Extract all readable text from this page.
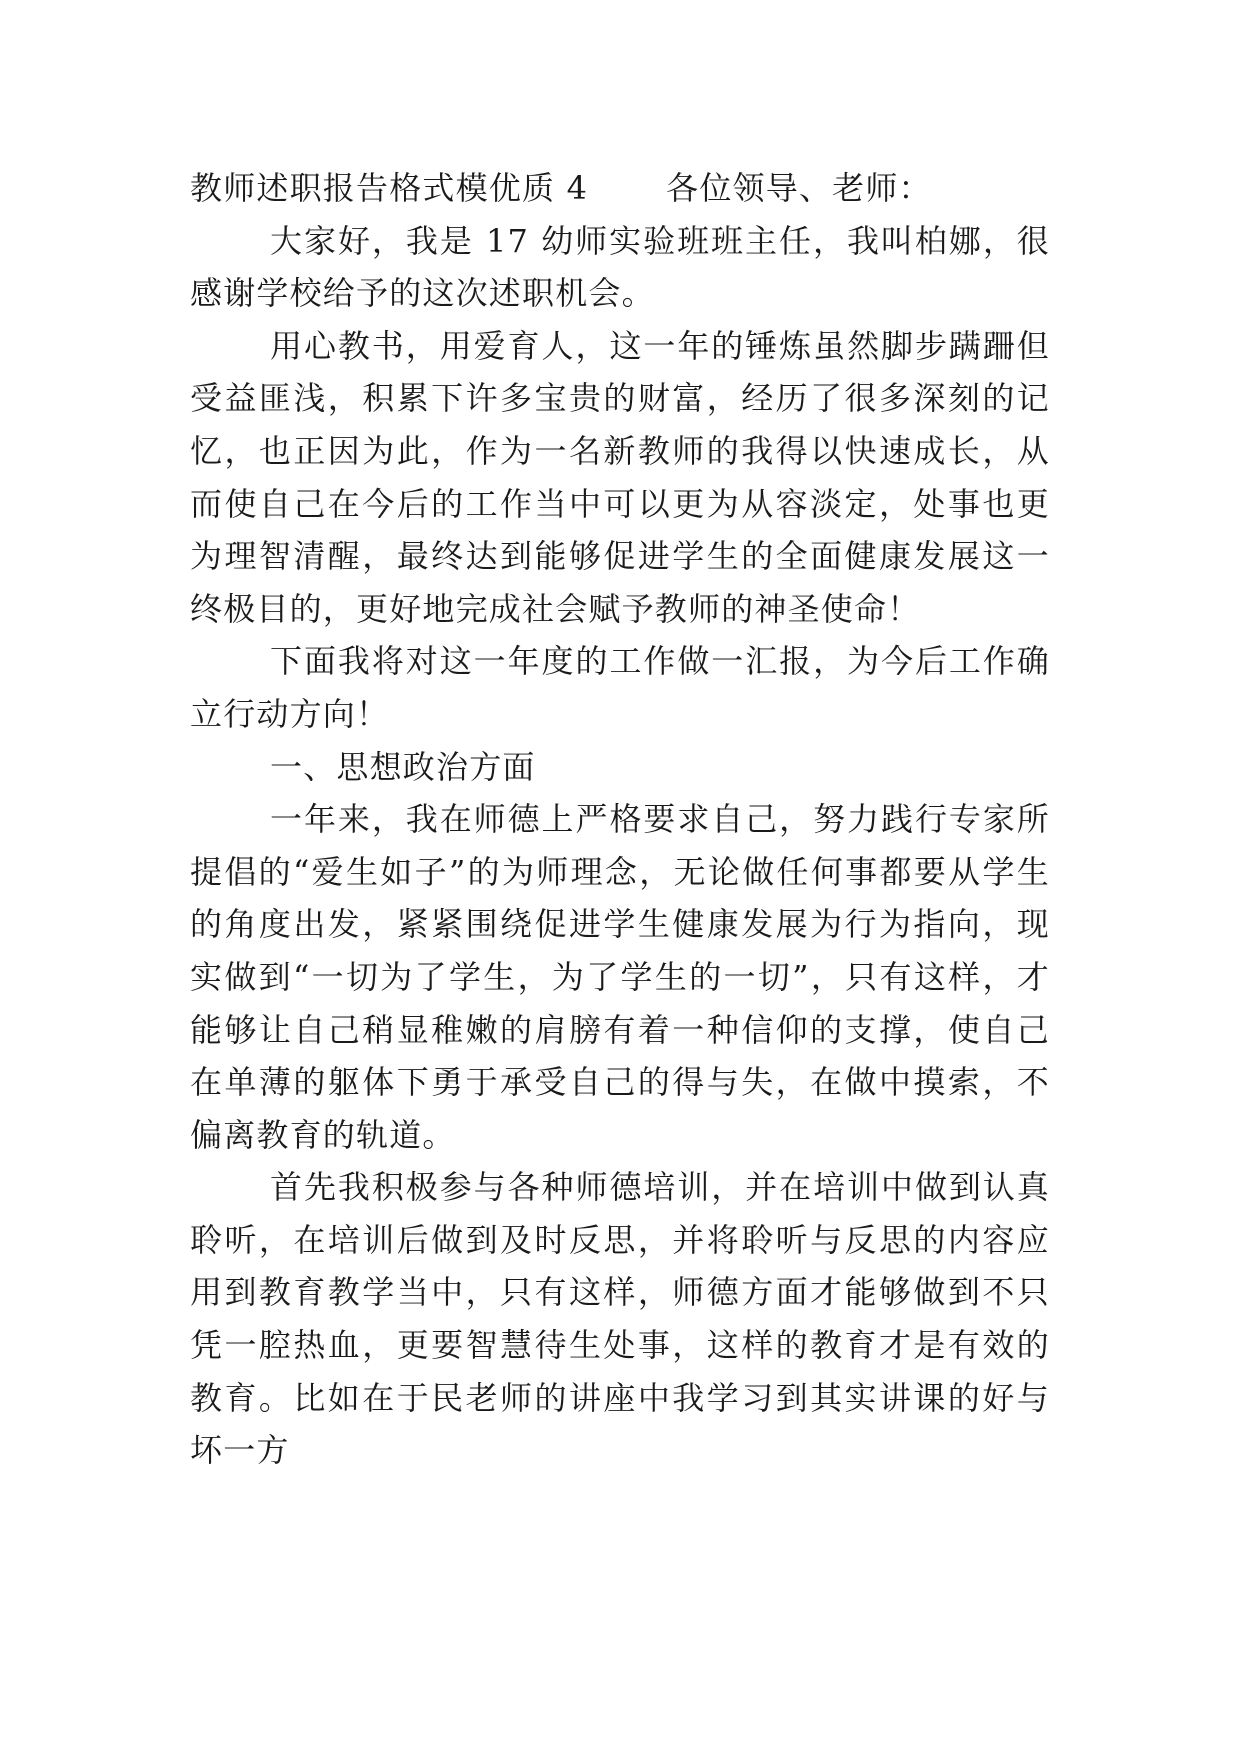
教师述职报告格式模优质 4 各位领导、老师：

大家好，我是 17 幼师实验班班主任，我叫柏娜，很感谢学校给予的这次述职机会。

用心教书，用爱育人，这一年的锤炼虽然脚步蹒跚但受益匪浅，积累下许多宝贵的财富，经历了很多深刻的记忆，也正因为此，作为一名新教师的我得以快速成长，从而使自己在今后的工作当中可以更为从容淡定，处事也更为理智清醒，最终达到能够促进学生的全面健康发展这一终极目的，更好地完成社会赋予教师的神圣使命！

下面我将对这一年度的工作做一汇报，为今后工作确立行动方向！

一、思想政治方面

一年来，我在师德上严格要求自己，努力践行专家所提倡的“爱生如子”的为师理念，无论做任何事都要从学生的角度出发，紧紧围绕促进学生健康发展为行为指向，现实做到“一切为了学生，为了学生的一切”，只有这样，才能够让自己稍显稚嫩的肩膀有着一种信仰的支撑，使自己在单薄的躯体下勇于承受自己的得与失，在做中摸索，不偏离教育的轨道。

首先我积极参与各种师德培训，并在培训中做到认真聆听，在培训后做到及时反思，并将聆听与反思的内容应用到教育教学当中，只有这样，师德方面才能够做到不只凭一腔热血，更要智慧待生处事，这样的教育才是有效的教育。比如在于民老师的讲座中我学习到其实讲课的好与坏一方
